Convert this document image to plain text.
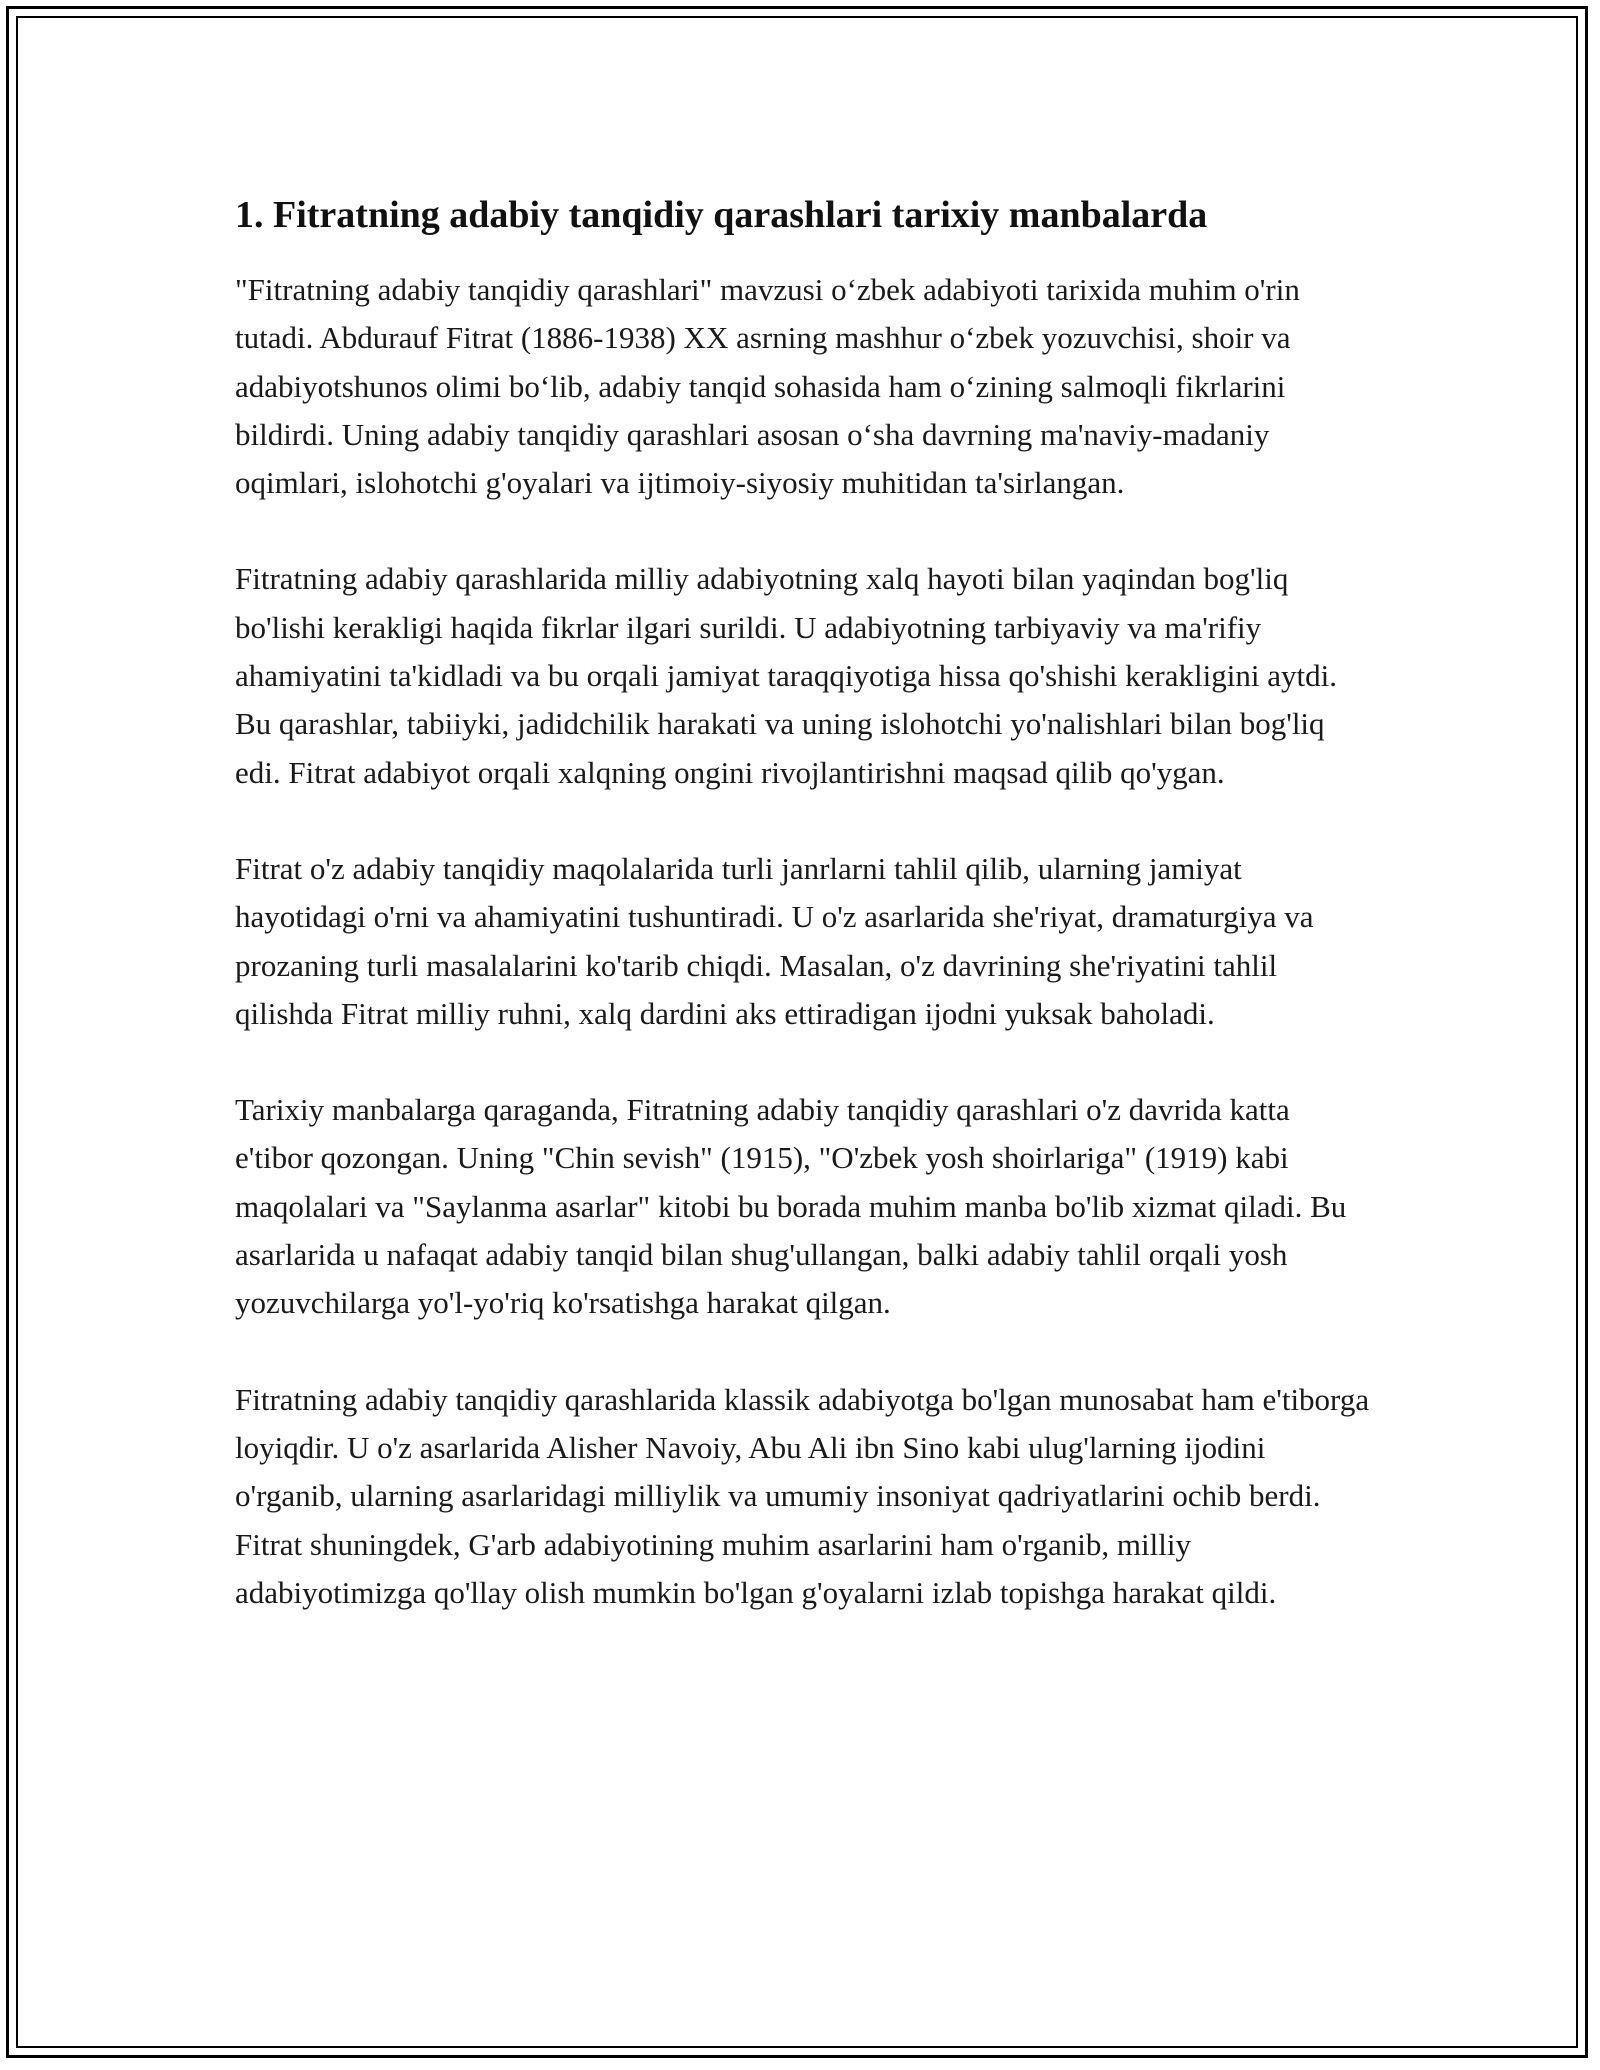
1. Fitratning adabiy tanqidiy qarashlari tarixiy manbalarda

"Fitratning adabiy tanqidiy qarashlari" mavzusi o‘zbek adabiyoti tarixida muhim o'rin tutadi. Abdurauf Fitrat (1886-1938) XX asrning mashhur o‘zbek yozuvchisi, shoir va adabiyotshunos olimi bo‘lib, adabiy tanqid sohasida ham o‘zining salmoqli fikrlarini bildirdi. Uning adabiy tanqidiy qarashlari asosan o‘sha davrning ma'naviy-madaniy oqimlari, islohotchi g'oyalari va ijtimoiy-siyosiy muhitidan ta'sirlangan.

Fitratning adabiy qarashlarida milliy adabiyotning xalq hayoti bilan yaqindan bog'liq bo'lishi kerakligi haqida fikrlar ilgari surildi. U adabiyotning tarbiyaviy va ma'rifiy ahamiyatini ta'kidladi va bu orqali jamiyat taraqqiyotiga hissa qo'shishi kerakligini aytdi. Bu qarashlar, tabiiyki, jadidchilik harakati va uning islohotchi yo'nalishlari bilan bog'liq edi. Fitrat adabiyot orqali xalqning ongini rivojlantirishni maqsad qilib qo'ygan.

Fitrat o'z adabiy tanqidiy maqolalarida turli janrlarni tahlil qilib, ularning jamiyat hayotidagi o'rni va ahamiyatini tushuntiradi. U o'z asarlarida she'riyat, dramaturgiya va prozaning turli masalalarini ko'tarib chiqdi. Masalan, o'z davrining she'riyatini tahlil qilishda Fitrat milliy ruhni, xalq dardini aks ettiradigan ijodni yuksak baholadi.

Tarixiy manbalarga qaraganda, Fitratning adabiy tanqidiy qarashlari o'z davrida katta e'tibor qozongan. Uning "Chin sevish" (1915), "O'zbek yosh shoirlariga" (1919) kabi maqolalari va "Saylanma asarlar" kitobi bu borada muhim manba bo'lib xizmat qiladi. Bu asarlarida u nafaqat adabiy tanqid bilan shug'ullangan, balki adabiy tahlil orqali yosh yozuvchilarga yo'l-yo'riq ko'rsatishga harakat qilgan.

Fitratning adabiy tanqidiy qarashlarida klassik adabiyotga bo'lgan munosabat ham e'tiborga loyiqdir. U o'z asarlarida Alisher Navoiy, Abu Ali ibn Sino kabi ulug'larning ijodini o'rganib, ularning asarlaridagi milliylik va umumiy insoniyat qadriyatlarini ochib berdi. Fitrat shuningdek, G'arb adabiyotining muhim asarlarini ham o'rganib, milliy adabiyotimizga qo'llay olish mumkin bo'lgan g'oyalarni izlab topishga harakat qildi.
